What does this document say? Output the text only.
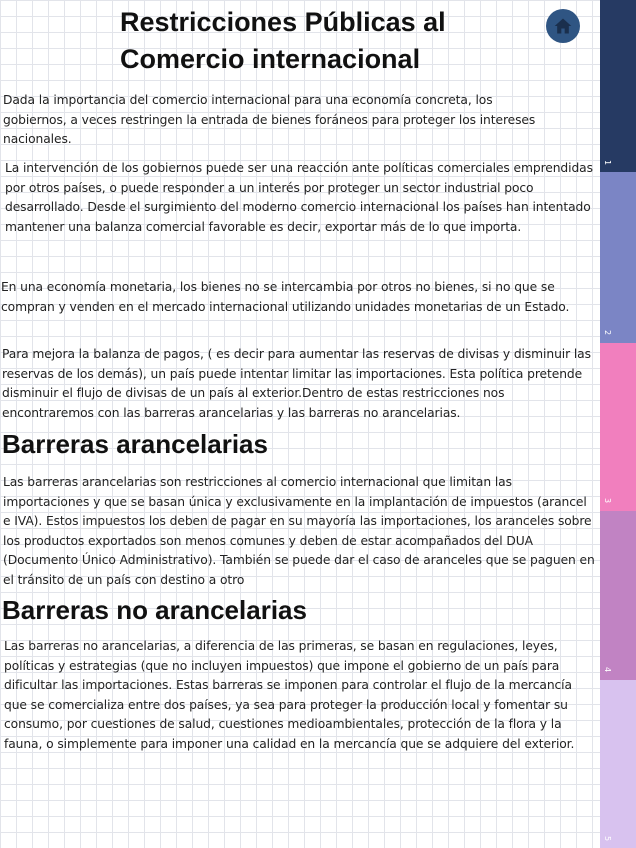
Restricciones Públicas al
Comercio internacional

Dada la importancia del comercio internacional para una economía concreta, los gobiernos, a veces restringen la entrada de bienes foráneos para proteger los intereses nacionales.

La intervención de los gobiernos puede ser una reacción ante políticas comerciales emprendidas por otros países, o puede responder a un interés por proteger un sector industrial poco desarrollado. Desde el surgimiento del moderno comercio internacional los países han intentado mantener una balanza comercial favorable es decir, exportar más de lo que importa.

En una economía monetaria, los bienes no se intercambia por otros no bienes, si no que se compran y venden en el mercado internacional utilizando unidades monetarias de un Estado.

Para mejora la balanza de pagos, ( es decir para aumentar las reservas de divisas y disminuir las reservas de los demás), un país puede intentar limitar las importaciones. Esta política pretende disminuir el flujo de divisas de un país al exterior.Dentro de estas restricciones nos encontraremos con las barreras arancelarias y las barreras no arancelarias.

Barreras arancelarias

Las barreras arancelarias son restricciones al comercio internacional que limitan las importaciones y que se basan única y exclusivamente en la implantación de impuestos (arancel e IVA). Estos impuestos los deben de pagar en su mayoría las importaciones, los aranceles sobre los productos exportados son menos comunes y deben de estar acompañados del DUA (Documento Único Administrativo). También se puede dar el caso de aranceles que se paguen en el tránsito de un país con destino a otro

Barreras no arancelarias

Las barreras no arancelarias, a diferencia de las primeras, se basan en regulaciones, leyes, políticas y estrategias (que no incluyen impuestos) que impone el gobierno de un país para dificultar las importaciones. Estas barreras se imponen para controlar el flujo de la mercancía que se comercializa entre dos países, ya sea para proteger la producción local y fomentar su consumo, por cuestiones de salud, cuestiones medioambientales, protección de la flora y la fauna, o simplemente para imponer una calidad en la mercancía que se adquiere del exterior.

1
2
3
4
5
